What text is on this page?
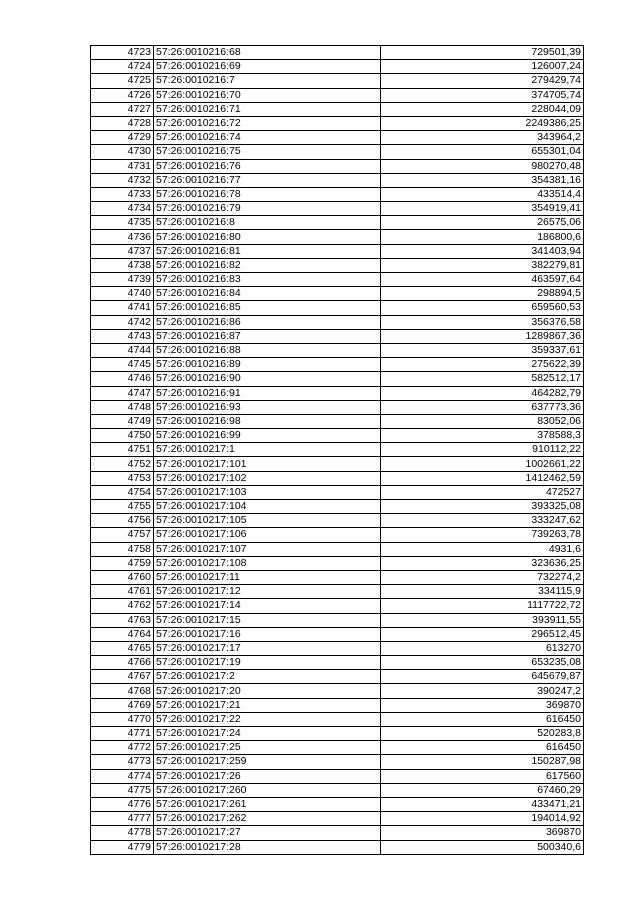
4723	57:26:0010216:68	729501,39
4724	57:26:0010216:69	126007,24
4725	57:26:0010216:7	279429,74
4726	57:26:0010216:70	374705,74
4727	57:26:0010216:71	228044,09
4728	57:26:0010216:72	2249386,25
4729	57:26:0010216:74	343964,2
4730	57:26:0010216:75	655301,04
4731	57:26:0010216:76	980270,48
4732	57:26:0010216:77	354381,16
4733	57:26:0010216:78	433514,4
4734	57:26:0010216:79	354919,41
4735	57:26:0010216:8	26575,06
4736	57:26:0010216:80	186800,6
4737	57:26:0010216:81	341403,94
4738	57:26:0010216:82	382279,81
4739	57:26:0010216:83	463597,64
4740	57:26:0010216:84	298894,5
4741	57:26:0010216:85	659560,53
4742	57:26:0010216:86	356376,58
4743	57:26:0010216:87	1289867,36
4744	57:26:0010216:88	359337,61
4745	57:26:0010216:89	275622,39
4746	57:26:0010216:90	582512,17
4747	57:26:0010216:91	464282,79
4748	57:26:0010216:93	637773,36
4749	57:26:0010216:98	83052,06
4750	57:26:0010216:99	378588,3
4751	57:26:0010217:1	910112,22
4752	57:26:0010217:101	1002661,22
4753	57:26:0010217:102	1412462,59
4754	57:26:0010217:103	472527
4755	57:26:0010217:104	393325,08
4756	57:26:0010217:105	333247,62
4757	57:26:0010217:106	739263,78
4758	57:26:0010217:107	4931,6
4759	57:26:0010217:108	323636,25
4760	57:26:0010217:11	732274,2
4761	57:26:0010217:12	334115,9
4762	57:26:0010217:14	1117722,72
4763	57:26:0010217:15	393911,55
4764	57:26:0010217:16	296512,45
4765	57:26:0010217:17	613270
4766	57:26:0010217:19	653235,08
4767	57:26:0010217:2	645679,87
4768	57:26:0010217:20	390247,2
4769	57:26:0010217:21	369870
4770	57:26:0010217:22	616450
4771	57:26:0010217:24	520283,8
4772	57:26:0010217:25	616450
4773	57:26:0010217:259	150287,98
4774	57:26:0010217:26	617560
4775	57:26:0010217:260	67460,29
4776	57:26:0010217:261	433471,21
4777	57:26:0010217:262	194014,92
4778	57:26:0010217:27	369870
4779	57:26:0010217:28	500340,6
